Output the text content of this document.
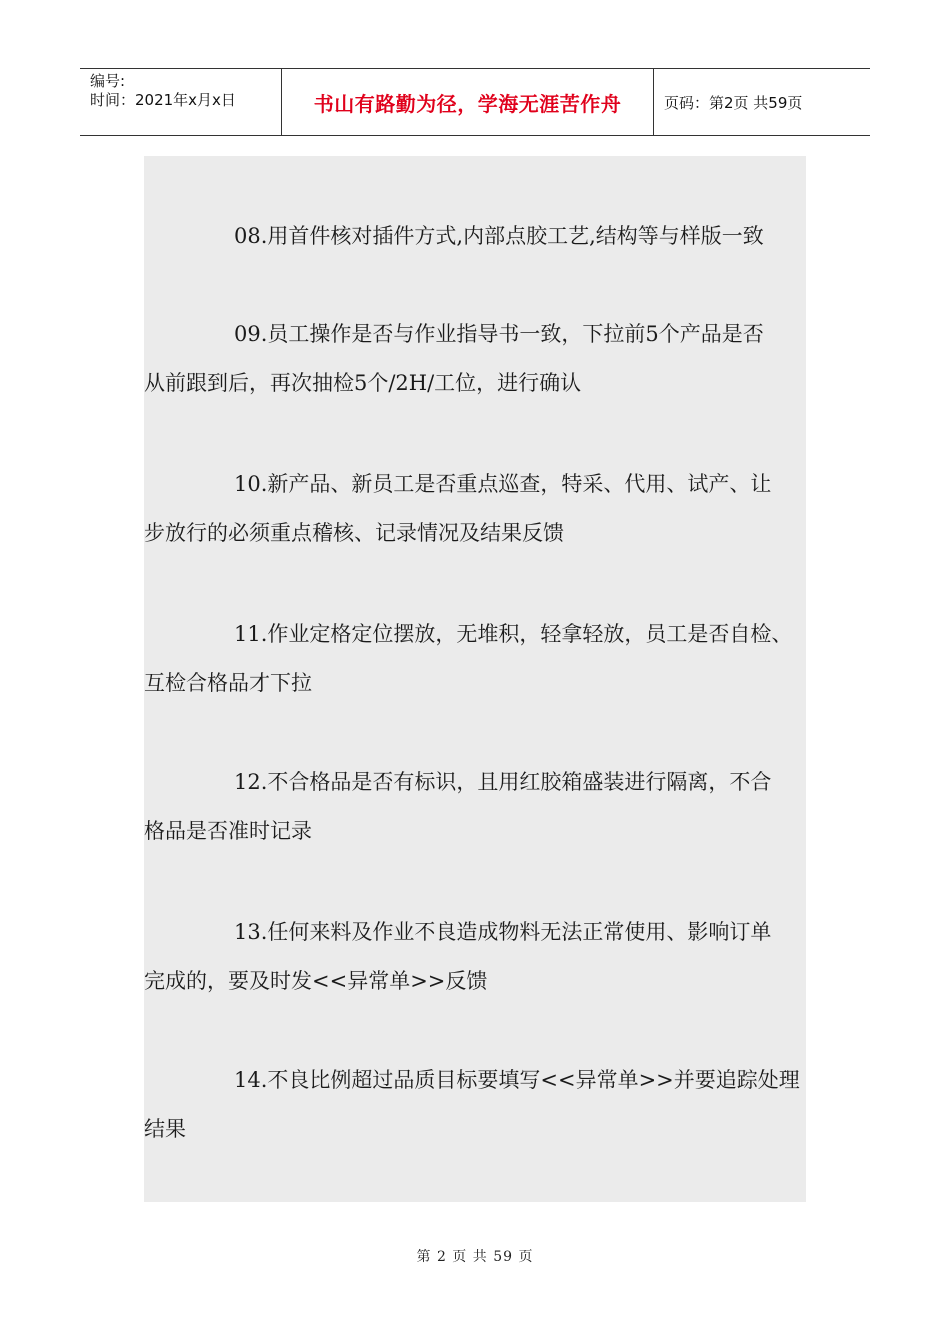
编号:
时间：2021年x月x日	书山有路勤为径，学海无涯苦作舟	页码：第2页 共59页
08.用首件核对插件方式,内部点胶工艺,结构等与样版一致
09.员工操作是否与作业指导书一致，下拉前5个产品是否
从前跟到后，再次抽检5个/2H/工位，进行确认
10.新产品、新员工是否重点巡查，特采、代用、试产、让
步放行的必须重点稽核、记录情况及结果反馈
11.作业定格定位摆放，无堆积，轻拿轻放，员工是否自检、
互检合格品才下拉
12.不合格品是否有标识，且用红胶箱盛装进行隔离，不合
格品是否准时记录
13.任何来料及作业不良造成物料无法正常使用、影响订单
完成的，要及时发<<异常单>>反馈
14.不良比例超过品质目标要填写<<异常单>>并要追踪处理
结果
第 2 页 共 59 页
